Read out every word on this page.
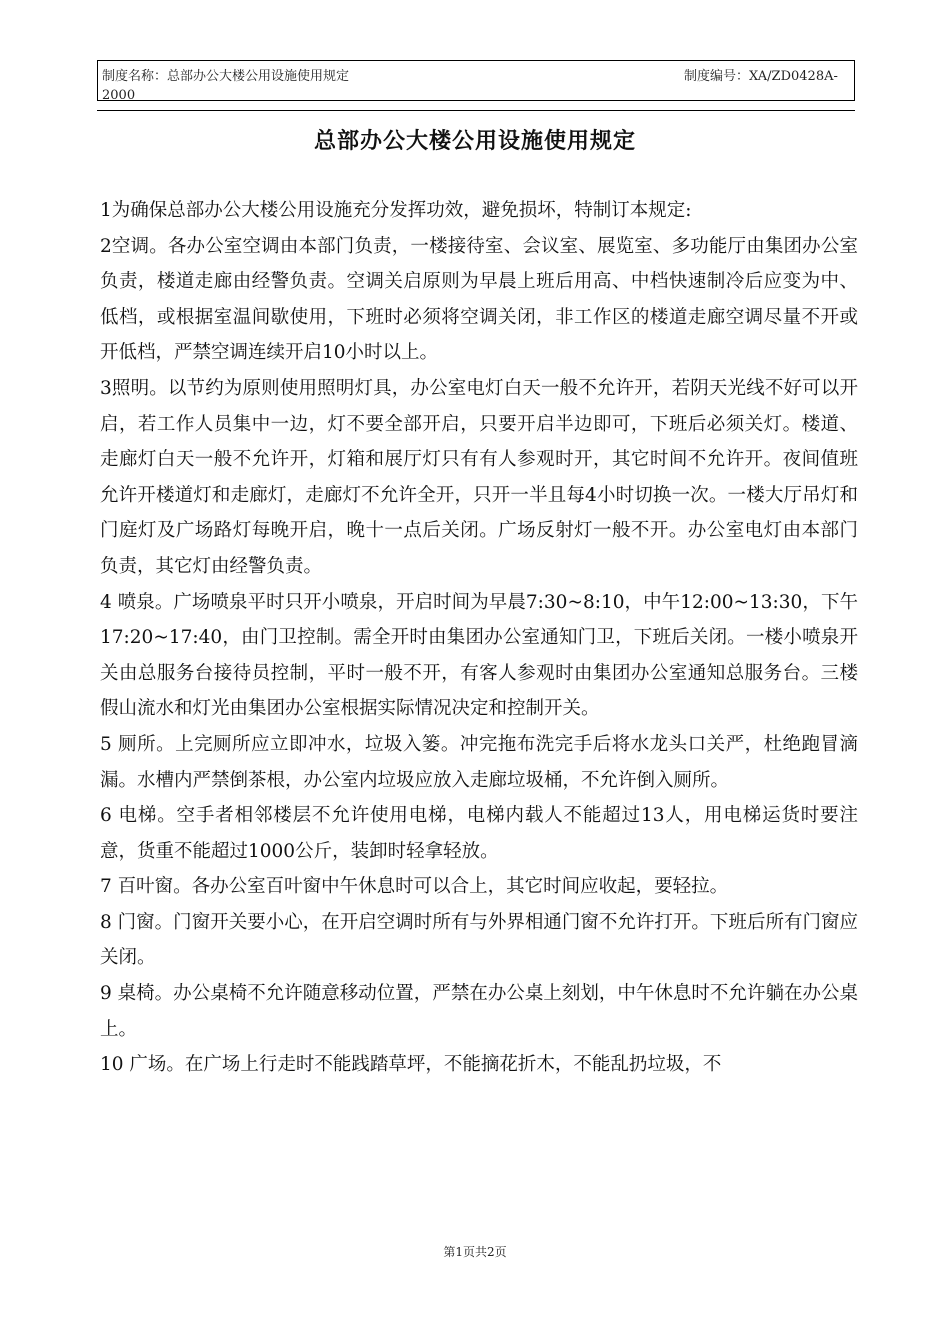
制度名称：总部办公大楼公用设施使用规定	制度编号：XA/ZD0428A-
2000
总部办公大楼公用设施使用规定

1为确保总部办公大楼公用设施充分发挥功效，避免损坏，特制订本规定:

2空调。各办公室空调由本部门负责，一楼接待室、会议室、展览室、多功能厅由集团办公室负责，楼道走廊由经警负责。空调关启原则为早晨上班后用高、中档快速制冷后应变为中、低档，或根据室温间歇使用，下班时必须将空调关闭，非工作区的楼道走廊空调尽量不开或开低档，严禁空调连续开启10小时以上。

3照明。以节约为原则使用照明灯具，办公室电灯白天一般不允许开，若阴天光线不好可以开启，若工作人员集中一边，灯不要全部开启，只要开启半边即可，下班后必须关灯。楼道、走廊灯白天一般不允许开，灯箱和展厅灯只有有人参观时开，其它时间不允许开。夜间值班允许开楼道灯和走廊灯，走廊灯不允许全开，只开一半且每4小时切换一次。一楼大厅吊灯和门庭灯及广场路灯每晚开启，晚十一点后关闭。广场反射灯一般不开。办公室电灯由本部门负责，其它灯由经警负责。

4 喷泉。广场喷泉平时只开小喷泉，开启时间为早晨7:30~8:10，中午12:00~13:30，下午17:20~17:40，由门卫控制。需全开时由集团办公室通知门卫，下班后关闭。一楼小喷泉开关由总服务台接待员控制，平时一般不开，有客人参观时由集团办公室通知总服务台。三楼假山流水和灯光由集团办公室根据实际情况决定和控制开关。

5 厕所。上完厕所应立即冲水，垃圾入篓。冲完拖布洗完手后将水龙头口关严，杜绝跑冒滴漏。水槽内严禁倒茶根，办公室内垃圾应放入走廊垃圾桶，不允许倒入厕所。

6 电梯。空手者相邻楼层不允许使用电梯，电梯内载人不能超过13人，用电梯运货时要注意，货重不能超过1000公斤，装卸时轻拿轻放。

7 百叶窗。各办公室百叶窗中午休息时可以合上，其它时间应收起，要轻拉。

8 门窗。门窗开关要小心，在开启空调时所有与外界相通门窗不允许打开。下班后所有门窗应关闭。

9 桌椅。办公桌椅不允许随意移动位置，严禁在办公桌上刻划，中午休息时不允许躺在办公桌上。

10 广场。在广场上行走时不能践踏草坪，不能摘花折木，不能乱扔垃圾，不

第1页共2页
